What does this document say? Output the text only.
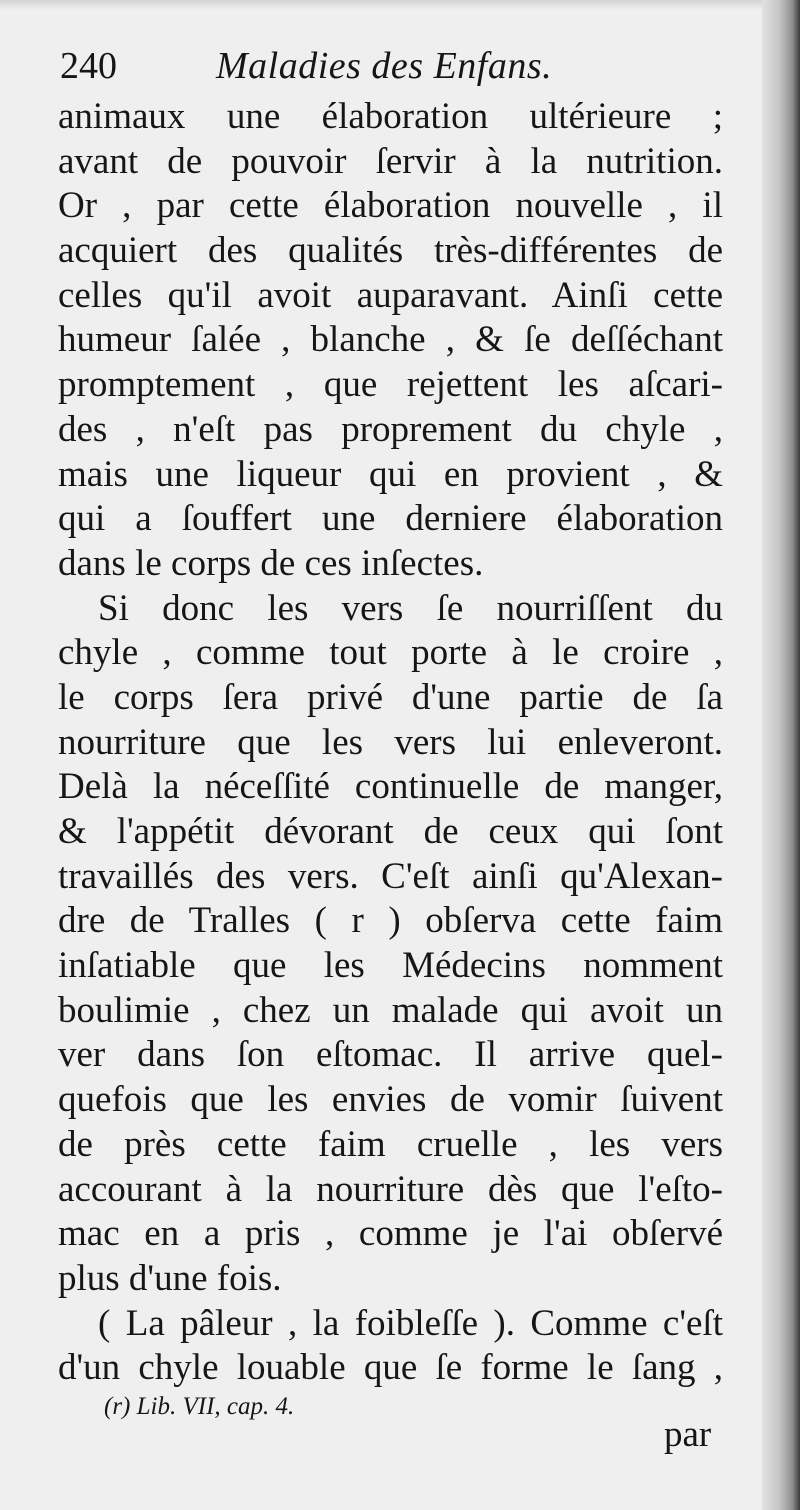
240	Maladies des Enfans.
animaux une élaboration ultérieure ;
avant de pouvoir ſervir à la nutrition.
Or , par cette élaboration nouvelle , il
acquiert des qualités très-différentes de
celles qu'il avoit auparavant. Ainſi cette
humeur ſalée , blanche , & ſe deſſéchant
promptement , que rejettent les aſcari-
des , n'eſt pas proprement du chyle ,
mais une liqueur qui en provient , &
qui a ſouffert une derniere élaboration
dans le corps de ces inſectes.
Si donc les vers ſe nourriſſent du
chyle , comme tout porte à le croire ,
le corps ſera privé d'une partie de ſa
nourriture que les vers lui enleveront.
Delà la néceſſité continuelle de manger,
& l'appétit dévorant de ceux qui ſont
travaillés des vers. C'eſt ainſi qu'Alexan-
dre de Tralles ( r ) obſerva cette faim
inſatiable que les Médecins nomment
boulimie , chez un malade qui avoit un
ver dans ſon eſtomac. Il arrive quel-
quefois que les envies de vomir ſuivent
de près cette faim cruelle , les vers
accourant à la nourriture dès que l'eſto-
mac en a pris , comme je l'ai obſervé
plus d'une fois.
( La pâleur , la foibleſſe ). Comme c'eſt
d'un chyle louable que ſe forme le ſang ,
(r) Lib. VII, cap. 4.
par
